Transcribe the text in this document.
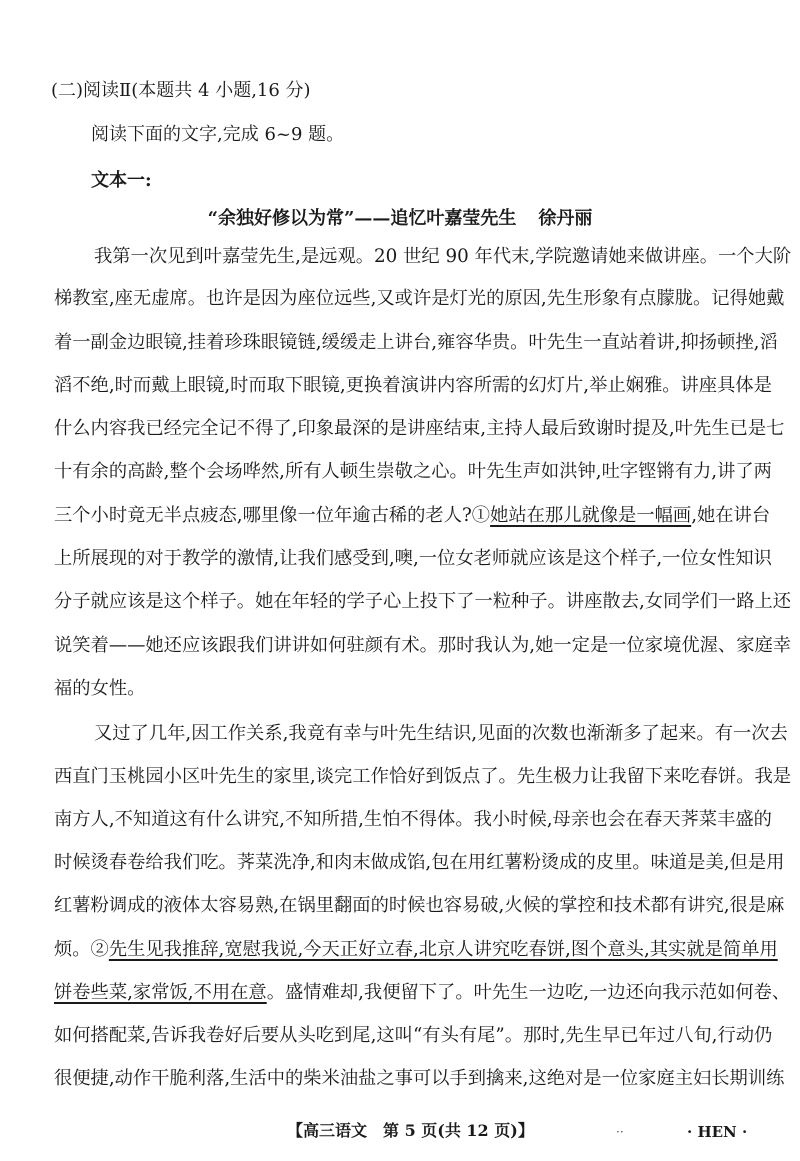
(二)阅读Ⅱ(本题共 4 小题,16 分)
阅读下面的文字,完成 6~9 题。
文本一:
“余独好修以为常”——追忆叶嘉莹先生 徐丹丽
我第一次见到叶嘉莹先生,是远观。20 世纪 90 年代末,学院邀请她来做讲座。一个大阶
梯教室,座无虚席。也许是因为座位远些,又或许是灯光的原因,先生形象有点朦胧。记得她戴
着一副金边眼镜,挂着珍珠眼镜链,缓缓走上讲台,雍容华贵。叶先生一直站着讲,抑扬顿挫,滔
滔不绝,时而戴上眼镜,时而取下眼镜,更换着演讲内容所需的幻灯片,举止娴雅。讲座具体是
什么内容我已经完全记不得了,印象最深的是讲座结束,主持人最后致谢时提及,叶先生已是七
十有余的高龄,整个会场哗然,所有人顿生崇敬之心。叶先生声如洪钟,吐字铿锵有力,讲了两
三个小时竟无半点疲态,哪里像一位年逾古稀的老人?①她站在那儿就像是一幅画,她在讲台
上所展现的对于教学的激情,让我们感受到,噢,一位女老师就应该是这个样子,一位女性知识
分子就应该是这个样子。她在年轻的学子心上投下了一粒种子。讲座散去,女同学们一路上还
说笑着——她还应该跟我们讲讲如何驻颜有术。那时我认为,她一定是一位家境优渥、家庭幸
福的女性。
又过了几年,因工作关系,我竟有幸与叶先生结识,见面的次数也渐渐多了起来。有一次去
西直门玉桃园小区叶先生的家里,谈完工作恰好到饭点了。先生极力让我留下来吃春饼。我是
南方人,不知道这有什么讲究,不知所措,生怕不得体。我小时候,母亲也会在春天荠菜丰盛的
时候烫春卷给我们吃。荠菜洗净,和肉末做成馅,包在用红薯粉烫成的皮里。味道是美,但是用
红薯粉调成的液体太容易熟,在锅里翻面的时候也容易破,火候的掌控和技术都有讲究,很是麻
烦。②先生见我推辞,宽慰我说,今天正好立春,北京人讲究吃春饼,图个意头,其实就是简单用
饼卷些菜,家常饭,不用在意。盛情难却,我便留下了。叶先生一边吃,一边还向我示范如何卷、
如何搭配菜,告诉我卷好后要从头吃到尾,这叫“有头有尾”。那时,先生早已年过八旬,行动仍
很便捷,动作干脆利落,生活中的柴米油盐之事可以手到擒来,这绝对是一位家庭主妇长期训练
【高三语文　第 5 页(共 12 页)】	··	· HEN ·
